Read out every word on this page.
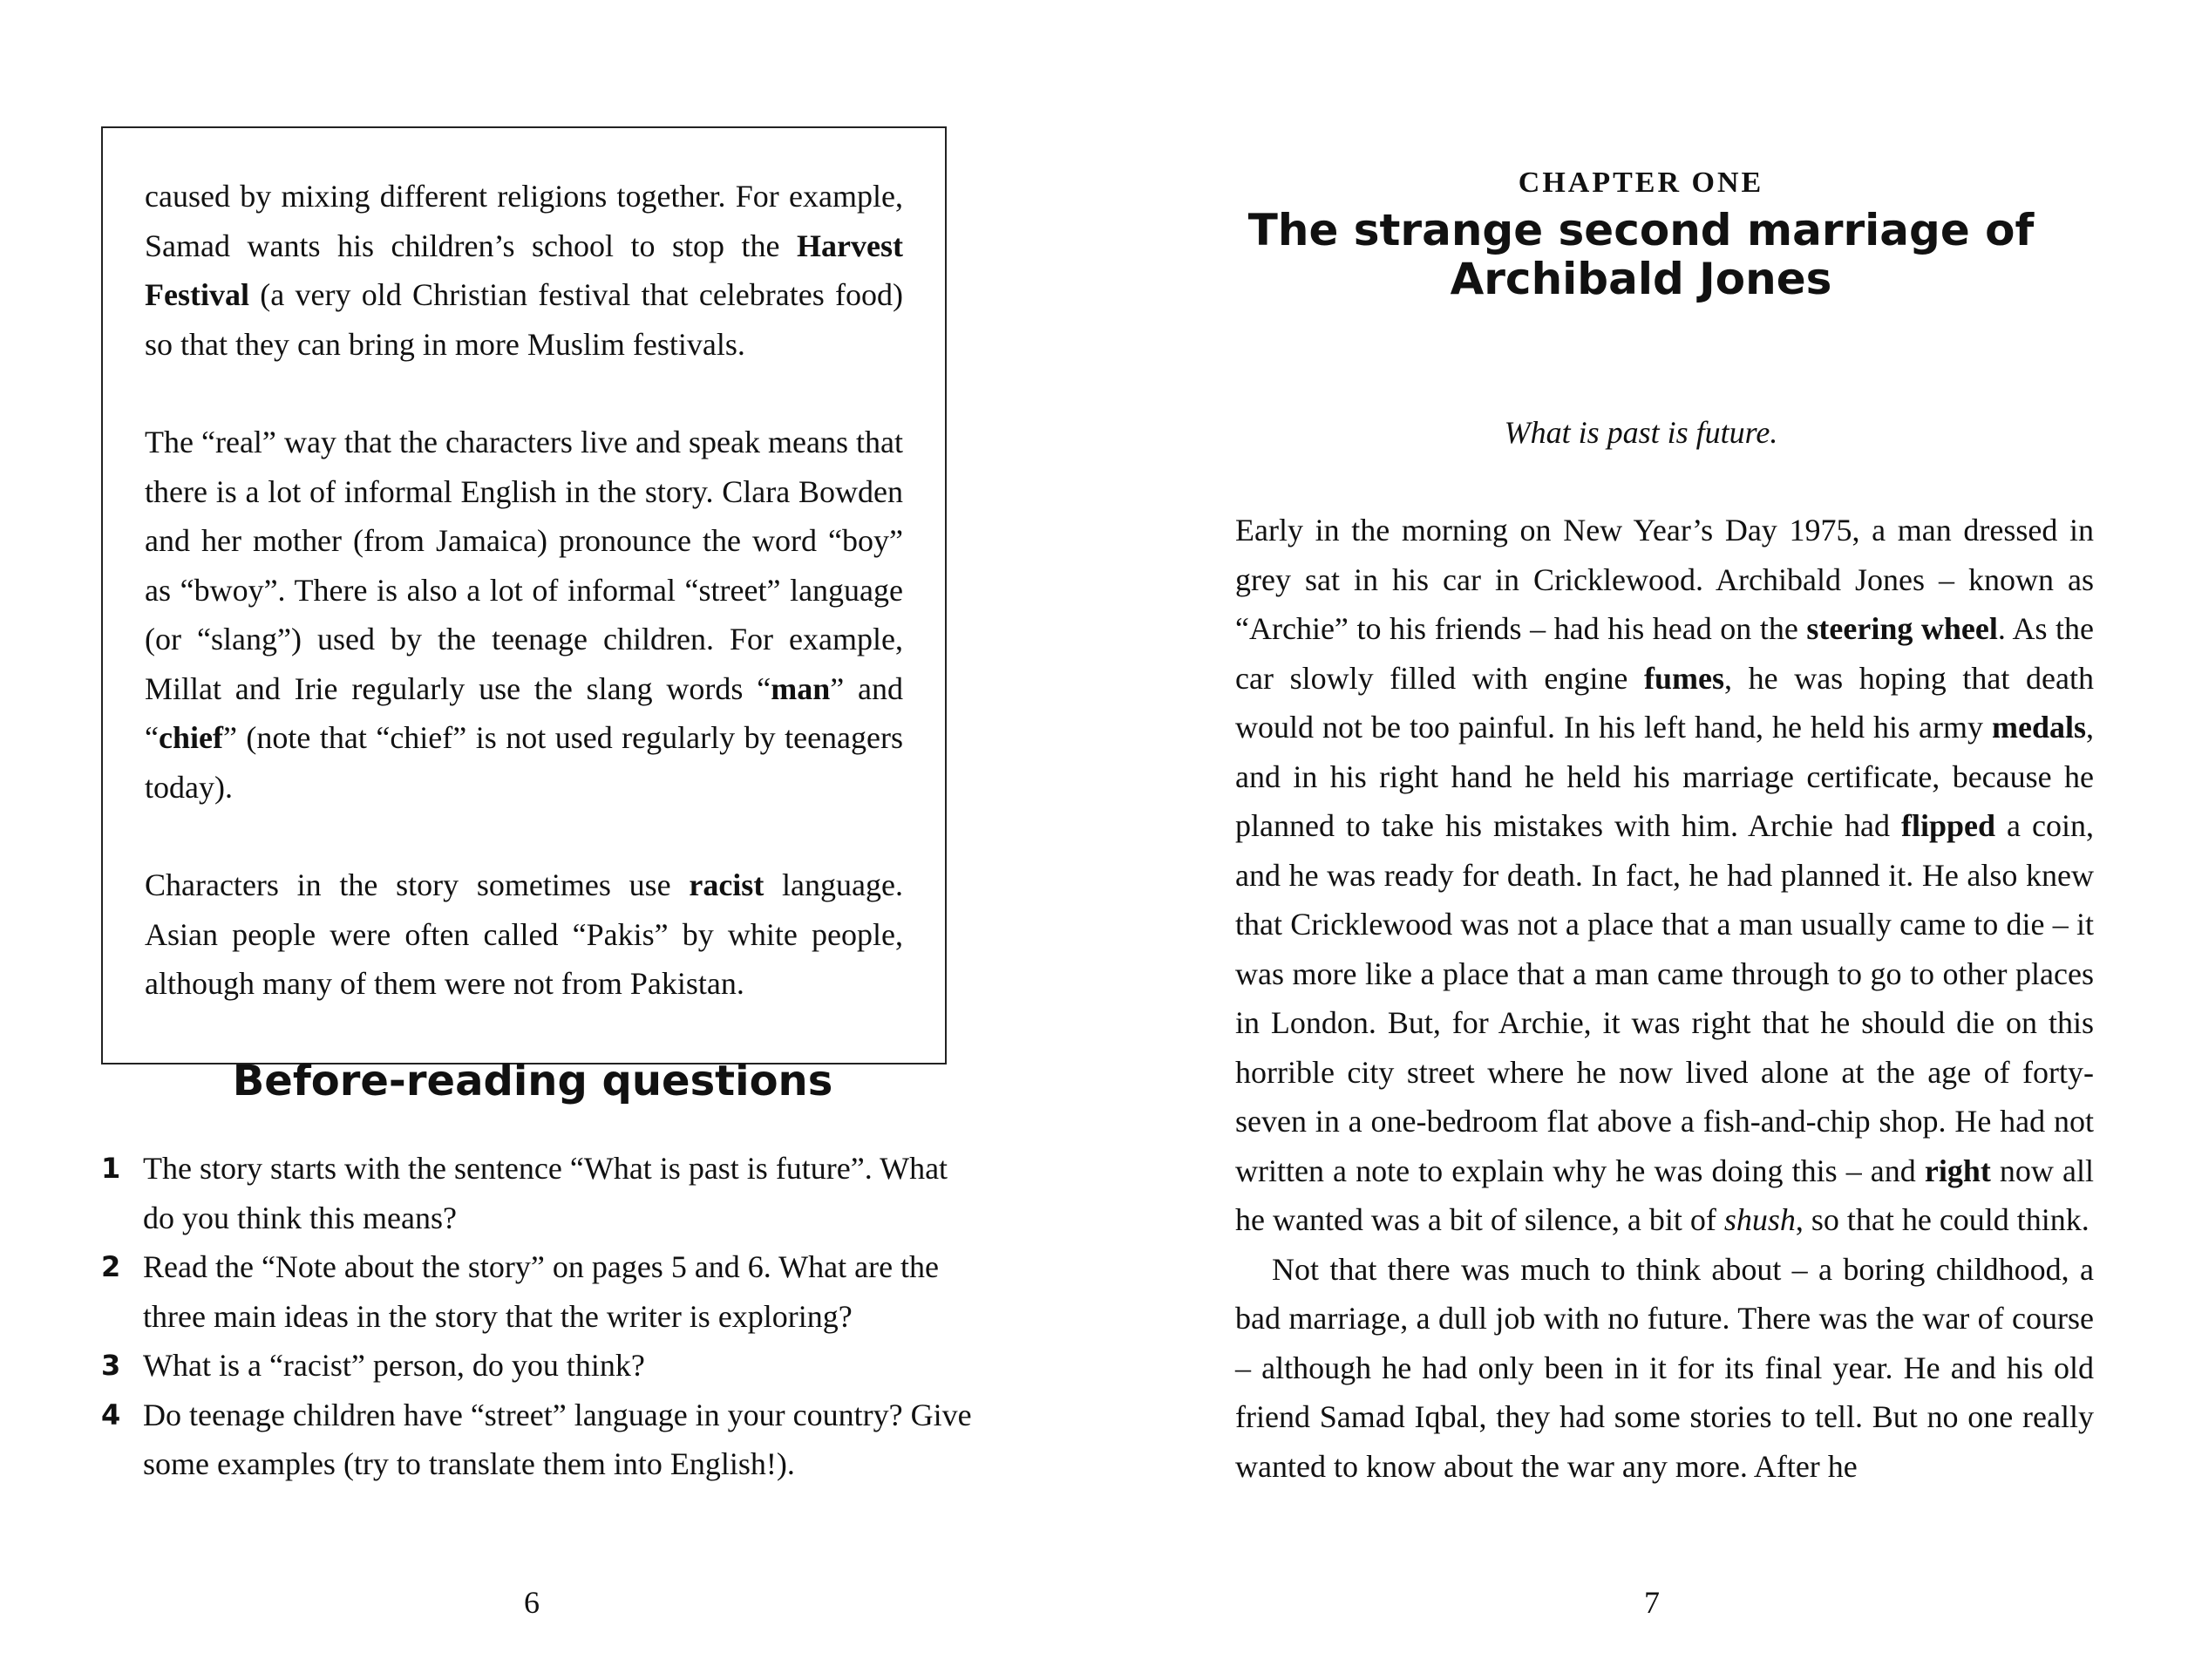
caused by mixing different religions together. For example, Samad wants his children’s school to stop the Harvest Festival (a very old Christian festival that celebrates food) so that they can bring in more Muslim festivals.

The “real” way that the characters live and speak means that there is a lot of informal English in the story. Clara Bowden and her mother (from Jamaica) pronounce the word “boy” as “bwoy”. There is also a lot of informal “street” language (or “slang”) used by the teenage children. For example, Millat and Irie regularly use the slang words “man” and “chief” (note that “chief” is not used regularly by teenagers today).

Characters in the story sometimes use racist language. Asian people were often called “Pakis” by white people, although many of them were not from Pakistan.

Before-reading questions
1 The story starts with the sentence “What is past is future”. What do you think this means?
2 Read the “Note about the story” on pages 5 and 6. What are the three main ideas in the story that the writer is exploring?
3 What is a “racist” person, do you think?
4 Do teenage children have “street” language in your country? Give some examples (try to translate them into English!).
6
CHAPTER ONE
The strange second marriage of
Archibald Jones
What is past is future.

Early in the morning on New Year’s Day 1975, a man dressed in grey sat in his car in Cricklewood. Archibald Jones – known as “Archie” to his friends – had his head on the steering wheel. As the car slowly filled with engine fumes, he was hoping that death would not be too painful. In his left hand, he held his army medals, and in his right hand he held his marriage certificate, because he planned to take his mistakes with him. Archie had flipped a coin, and he was ready for death. In fact, he had planned it. He also knew that Cricklewood was not a place that a man usually came to die – it was more like a place that a man came through to go to other places in London. But, for Archie, it was right that he should die on this horrible city street where he now lived alone at the age of forty-seven in a one-bedroom flat above a fish-and-chip shop. He had not written a note to explain why he was doing this – and right now all he wanted was a bit of silence, a bit of shush, so that he could think.

Not that there was much to think about – a boring childhood, a bad marriage, a dull job with no future. There was the war of course – although he had only been in it for its final year. He and his old friend Samad Iqbal, they had some stories to tell. But no one really wanted to know about the war any more. After he

7
